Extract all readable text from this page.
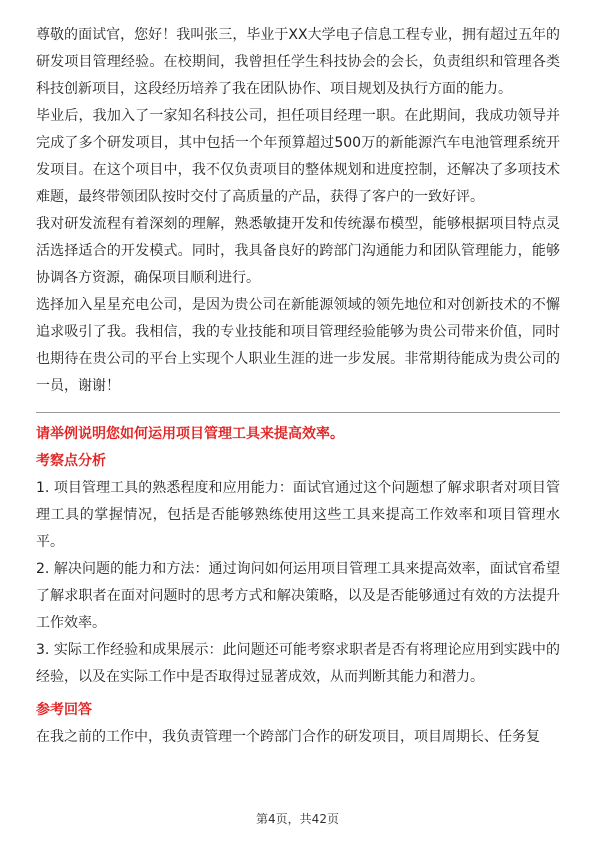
尊敬的面试官，您好！我叫张三，毕业于XX大学电子信息工程专业，拥有超过五年的研发项目管理经验。在校期间，我曾担任学生科技协会的会长，负责组织和管理各类科技创新项目，这段经历培养了我在团队协作、项目规划及执行方面的能力。

毕业后，我加入了一家知名科技公司，担任项目经理一职。在此期间，我成功领导并完成了多个研发项目，其中包括一个年预算超过500万的新能源汽车电池管理系统开发项目。在这个项目中，我不仅负责项目的整体规划和进度控制，还解决了多项技术难题，最终带领团队按时交付了高质量的产品，获得了客户的一致好评。

我对研发流程有着深刻的理解，熟悉敏捷开发和传统瀑布模型，能够根据项目特点灵活选择适合的开发模式。同时，我具备良好的跨部门沟通能力和团队管理能力，能够协调各方资源，确保项目顺利进行。

选择加入星星充电公司，是因为贵公司在新能源领域的领先地位和对创新技术的不懈追求吸引了我。我相信，我的专业技能和项目管理经验能够为贵公司带来价值，同时也期待在贵公司的平台上实现个人职业生涯的进一步发展。非常期待能成为贵公司的一员，谢谢！

请举例说明您如何运用项目管理工具来提高效率。
考察点分析

1. 项目管理工具的熟悉程度和应用能力：面试官通过这个问题想了解求职者对项目管理工具的掌握情况，包括是否能够熟练使用这些工具来提高工作效率和项目管理水平。

2. 解决问题的能力和方法：通过询问如何运用项目管理工具来提高效率，面试官希望了解求职者在面对问题时的思考方式和解决策略，以及是否能够通过有效的方法提升工作效率。

3. 实际工作经验和成果展示：此问题还可能考察求职者是否有将理论应用到实践中的经验，以及在实际工作中是否取得过显著成效，从而判断其能力和潜力。

参考回答

在我之前的工作中，我负责管理一个跨部门合作的研发项目，项目周期长、任务复

第4页，共42页
